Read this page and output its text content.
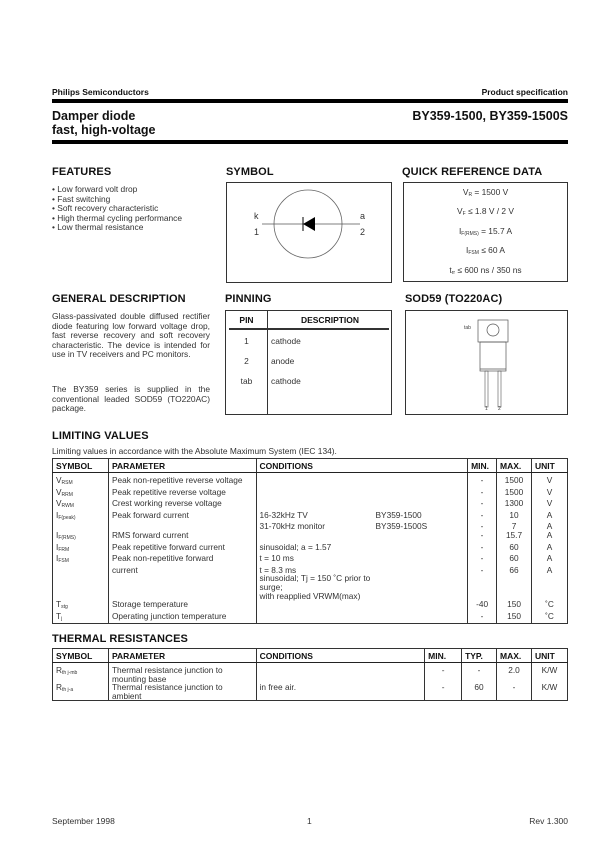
Philips Semiconductors	Product specification
Damper diode
fast, high-voltage
BY359-1500, BY359-1500S
FEATURES
• Low forward volt drop
• Fast switching
• Soft recovery characteristic
• High thermal cycling performance
• Low thermal resistance
SYMBOL
k
1
a
2
QUICK REFERENCE DATA
$V_R = 1500$ V
$V_F \le 1.8$ V / 2 V
$I_{F(RMS)} = 15.7$ A
$I_{FSM} \le 60$ A
$t_{rr} \le 600$ ns / 350 ns
GENERAL DESCRIPTION
Glass-passivated double diffused rectifier diode featuring low forward voltage drop, fast reverse recovery and soft recovery characteristic. The device is intended for use in TV receivers and PC monitors.
The BY359 series is supplied in the conventional leaded SOD59 (TO220AC) package.
PINNING
PIN	DESCRIPTION
1	cathode
2	anode
tab	cathode
SOD59 (TO220AC)
tab
1 2
LIMITING VALUES
Limiting values in accordance with the Absolute Maximum System (IEC 134).
SYMBOL	PARAMETER	CONDITIONS	MIN.	MAX.	UNIT
$V_{RSM}$	Peak non-repetitive reverse voltage		-	1500	V
$V_{RRM}$	Peak repetitive reverse voltage		-	1500	V
$V_{RWM}$	Crest working reverse voltage		-	1300	V
$I_{F(peak)}$	Peak forward current	16-32kHz TV BY359-1500	-	10	A
		31-70kHz monitor BY359-1500S	-	7	A
$I_{F(RMS)}$	RMS forward current		-	15.7	A
$I_{FRM}$	Peak repetitive forward current	sinusoidal; a = 1.57	-	60	A
$I_{FSM}$	Peak non-repetitive forward	t = 10 ms	-	60	A
	current	t = 8.3 ms	-	66	A
		sinusoidal; Tj = 150 ˚C prior to surge;			
		with reapplied VRWM(max)			
$T_{stg}$	Storage temperature		-40	150	˚C
$T_j$	Operating junction temperature		-	150	˚C
THERMAL RESISTANCES
SYMBOL	PARAMETER	CONDITIONS	MIN.	TYP.	MAX.	UNIT
$R_{th j-mb}$	Thermal resistance junction to mounting base		-	-	2.0	K/W
$R_{th j-a}$	Thermal resistance junction to ambient	in free air.	-	60	-	K/W
September 1998	1	Rev 1.300
